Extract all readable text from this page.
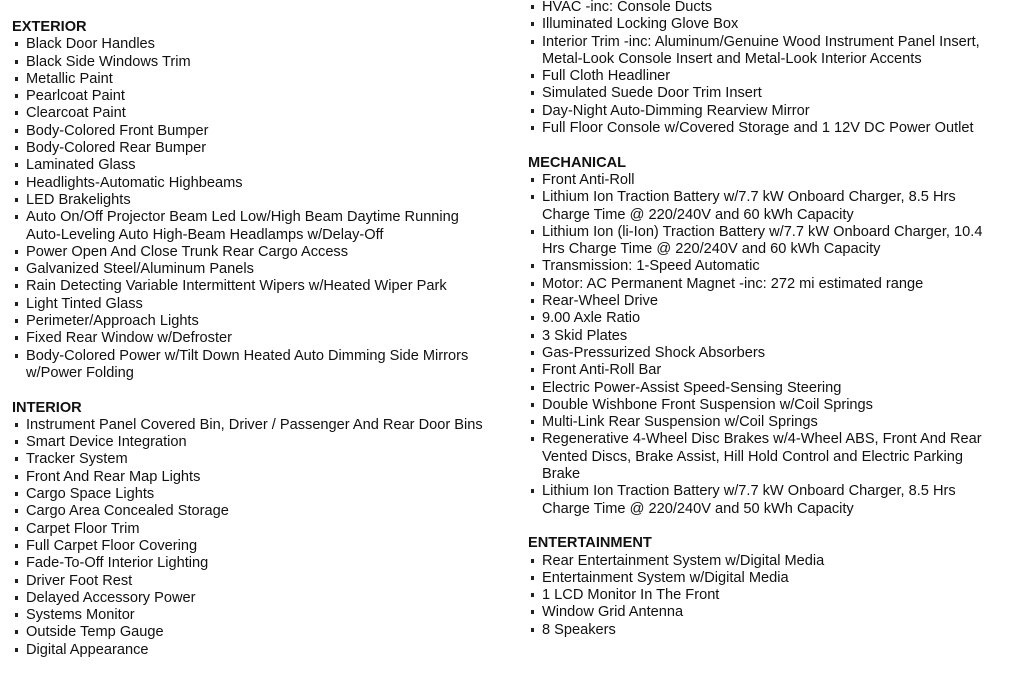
EXTERIOR
Black Door Handles
Black Side Windows Trim
Metallic Paint
Pearlcoat Paint
Clearcoat Paint
Body-Colored Front Bumper
Body-Colored Rear Bumper
Laminated Glass
Headlights-Automatic Highbeams
LED Brakelights
Auto On/Off Projector Beam Led Low/High Beam Daytime Running
Auto-Leveling Auto High-Beam Headlamps w/Delay-Off
Power Open And Close Trunk Rear Cargo Access
Galvanized Steel/Aluminum Panels
Rain Detecting Variable Intermittent Wipers w/Heated Wiper Park
Light Tinted Glass
Perimeter/Approach Lights
Fixed Rear Window w/Defroster
Body-Colored Power w/Tilt Down Heated Auto Dimming Side Mirrors
w/Power Folding
INTERIOR
Instrument Panel Covered Bin, Driver / Passenger And Rear Door Bins
Smart Device Integration
Tracker System
Front And Rear Map Lights
Cargo Space Lights
Cargo Area Concealed Storage
Carpet Floor Trim
Full Carpet Floor Covering
Fade-To-Off Interior Lighting
Driver Foot Rest
Delayed Accessory Power
Systems Monitor
Outside Temp Gauge
Digital Appearance
HVAC -inc: Console Ducts
Illuminated Locking Glove Box
Interior Trim -inc: Aluminum/Genuine Wood Instrument Panel Insert,
Metal-Look Console Insert and Metal-Look Interior Accents
Full Cloth Headliner
Simulated Suede Door Trim Insert
Day-Night Auto-Dimming Rearview Mirror
Full Floor Console w/Covered Storage and 1 12V DC Power Outlet
MECHANICAL
Front Anti-Roll
Lithium Ion Traction Battery w/7.7 kW Onboard Charger, 8.5 Hrs
Charge Time @ 220/240V and 60 kWh Capacity
Lithium Ion (li-Ion) Traction Battery w/7.7 kW Onboard Charger, 10.4
Hrs Charge Time @ 220/240V and 60 kWh Capacity
Transmission: 1-Speed Automatic
Motor: AC Permanent Magnet -inc: 272 mi estimated range
Rear-Wheel Drive
9.00 Axle Ratio
3 Skid Plates
Gas-Pressurized Shock Absorbers
Front Anti-Roll Bar
Electric Power-Assist Speed-Sensing Steering
Double Wishbone Front Suspension w/Coil Springs
Multi-Link Rear Suspension w/Coil Springs
Regenerative 4-Wheel Disc Brakes w/4-Wheel ABS, Front And Rear
Vented Discs, Brake Assist, Hill Hold Control and Electric Parking
Brake
Lithium Ion Traction Battery w/7.7 kW Onboard Charger, 8.5 Hrs
Charge Time @ 220/240V and 50 kWh Capacity
ENTERTAINMENT
Rear Entertainment System w/Digital Media
Entertainment System w/Digital Media
1 LCD Monitor In The Front
Window Grid Antenna
8 Speakers
